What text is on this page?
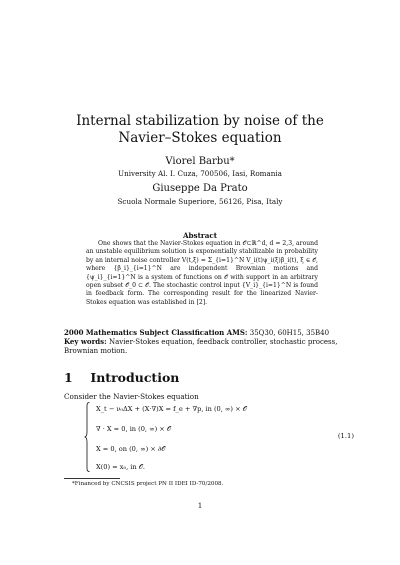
Internal stabilization by noise of the
Navier–Stokes equation
Viorel Barbu*
University Al. I. Cuza, 700506, Iasi, Romania
Giuseppe Da Prato
Scuola Normale Superiore, 56126, Pisa, Italy
Abstract
One shows that the Navier-Stokes equation in 𝒪⊂ℝ^d, d = 2,3, around an unstable equilibrium solution is exponentially stabilizable in probability by an internal noise controller V(t,ξ) = Σ_{i=1}^N V_i(t)ψ_i(ξ)β̇_i(t), ξ ∈ 𝒪, where {β_i}_{i=1}^N are independent Brownian motions and {ψ_i}_{i=1}^N is a system of functions on 𝒪 with support in an arbitrary open subset 𝒪_0 ⊂ 𝒪. The stochastic control input {V_i}_{i=1}^N is found in feedback form. The corresponding result for the linearized Navier-Stokes equation was established in [2].
2000 Mathematics Subject Classification AMS: 35Q30, 60H15, 35B40
Key words: Navier-Stokes equation, feedback controller, stochastic process, Brownian motion.
1 Introduction
Consider the Navier-Stokes equation
X_t − ν₀ΔX + (X·∇)X = f_e + ∇p, in (0, ∞) × 𝒪
∇ · X = 0, in (0, ∞) × 𝒪
X = 0, on (0, ∞) × ∂𝒪
X(0) = x₀, in 𝒪.
(1.1)
*Financed by CNCSIS project PN II IDEI ID-70/2008.
1
